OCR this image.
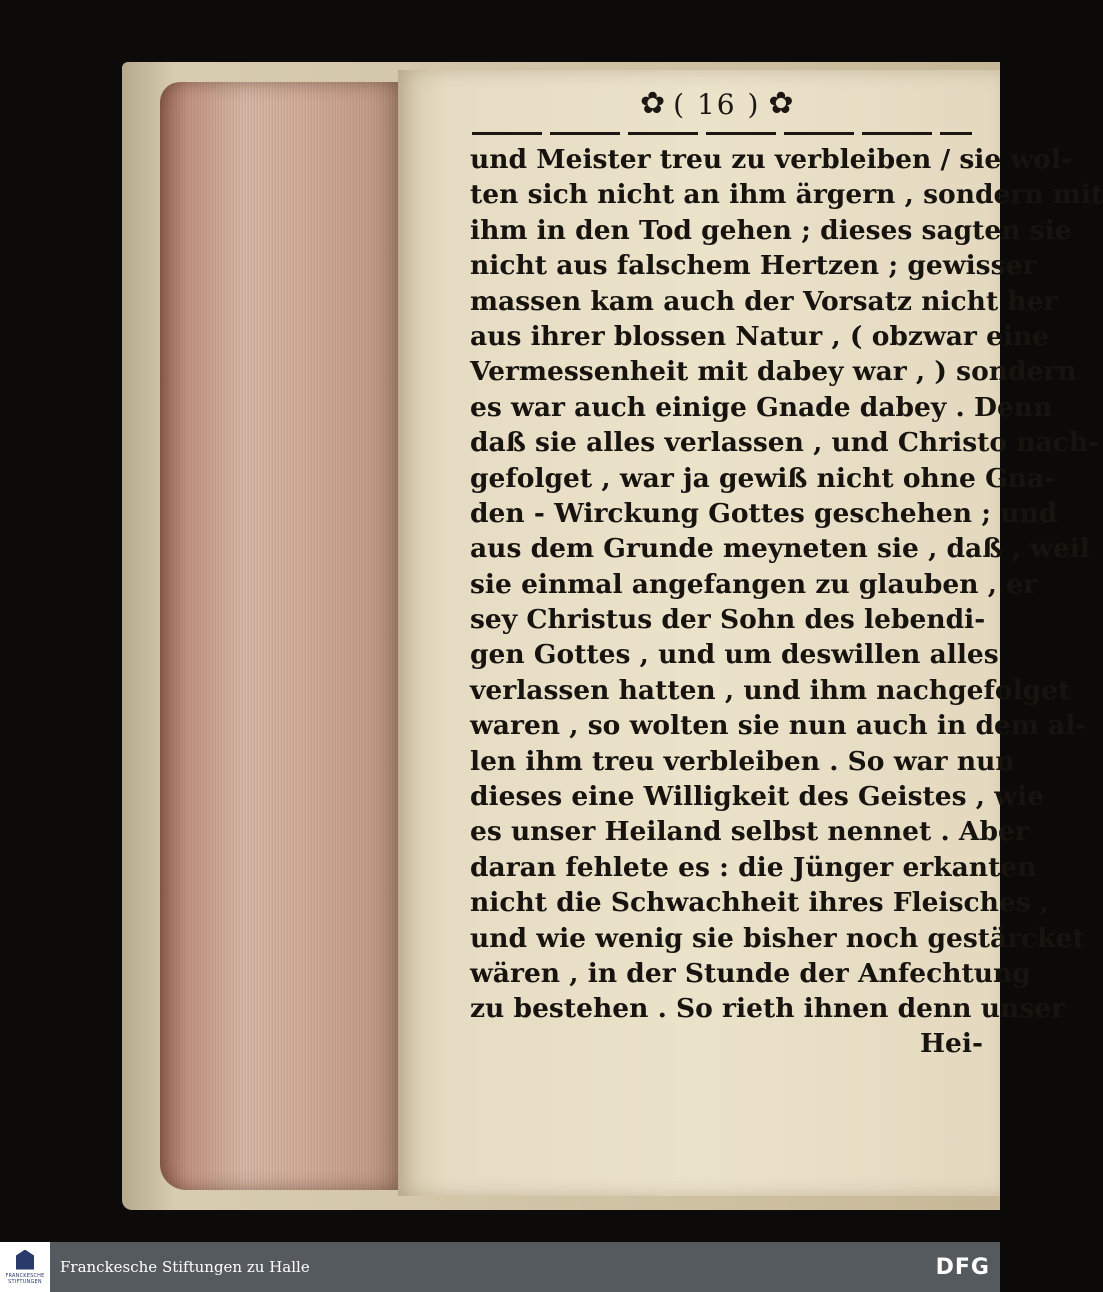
✿ ( 16 ) ✿
und Meister treu zu verbleiben / sie wol-
ten sich nicht an ihm ärgern , sondern mit
ihm in den Tod gehen ; dieses sagten sie
nicht aus falschem Hertzen ; gewisser
massen kam auch der Vorsatz nicht her
aus ihrer blossen Natur , ( obzwar eine
Vermessenheit mit dabey war , ) sondern
es war auch einige Gnade dabey . Denn
daß sie alles verlassen , und Christo nach-
gefolget , war ja gewiß nicht ohne Gna-
den - Wirckung Gottes geschehen ; und
aus dem Grunde meyneten sie , daß , weil
sie einmal angefangen zu glauben , er
sey Christus der Sohn des lebendi-
gen Gottes , und um deswillen alles
verlassen hatten , und ihm nachgefolget
waren , so wolten sie nun auch in dem al-
len ihm treu verbleiben . So war nun
dieses eine Willigkeit des Geistes , wie
es unser Heiland selbst nennet . Aber
daran fehlete es : die Jünger erkanten
nicht die Schwachheit ihres Fleisches ,
und wie wenig sie bisher noch gestärcket
wären , in der Stunde der Anfechtung
zu bestehen . So rieth ihnen denn unser
Hei-
FRANCKESCHE
STIFTUNGEN
Franckesche Stiftungen zu Halle	DFG
